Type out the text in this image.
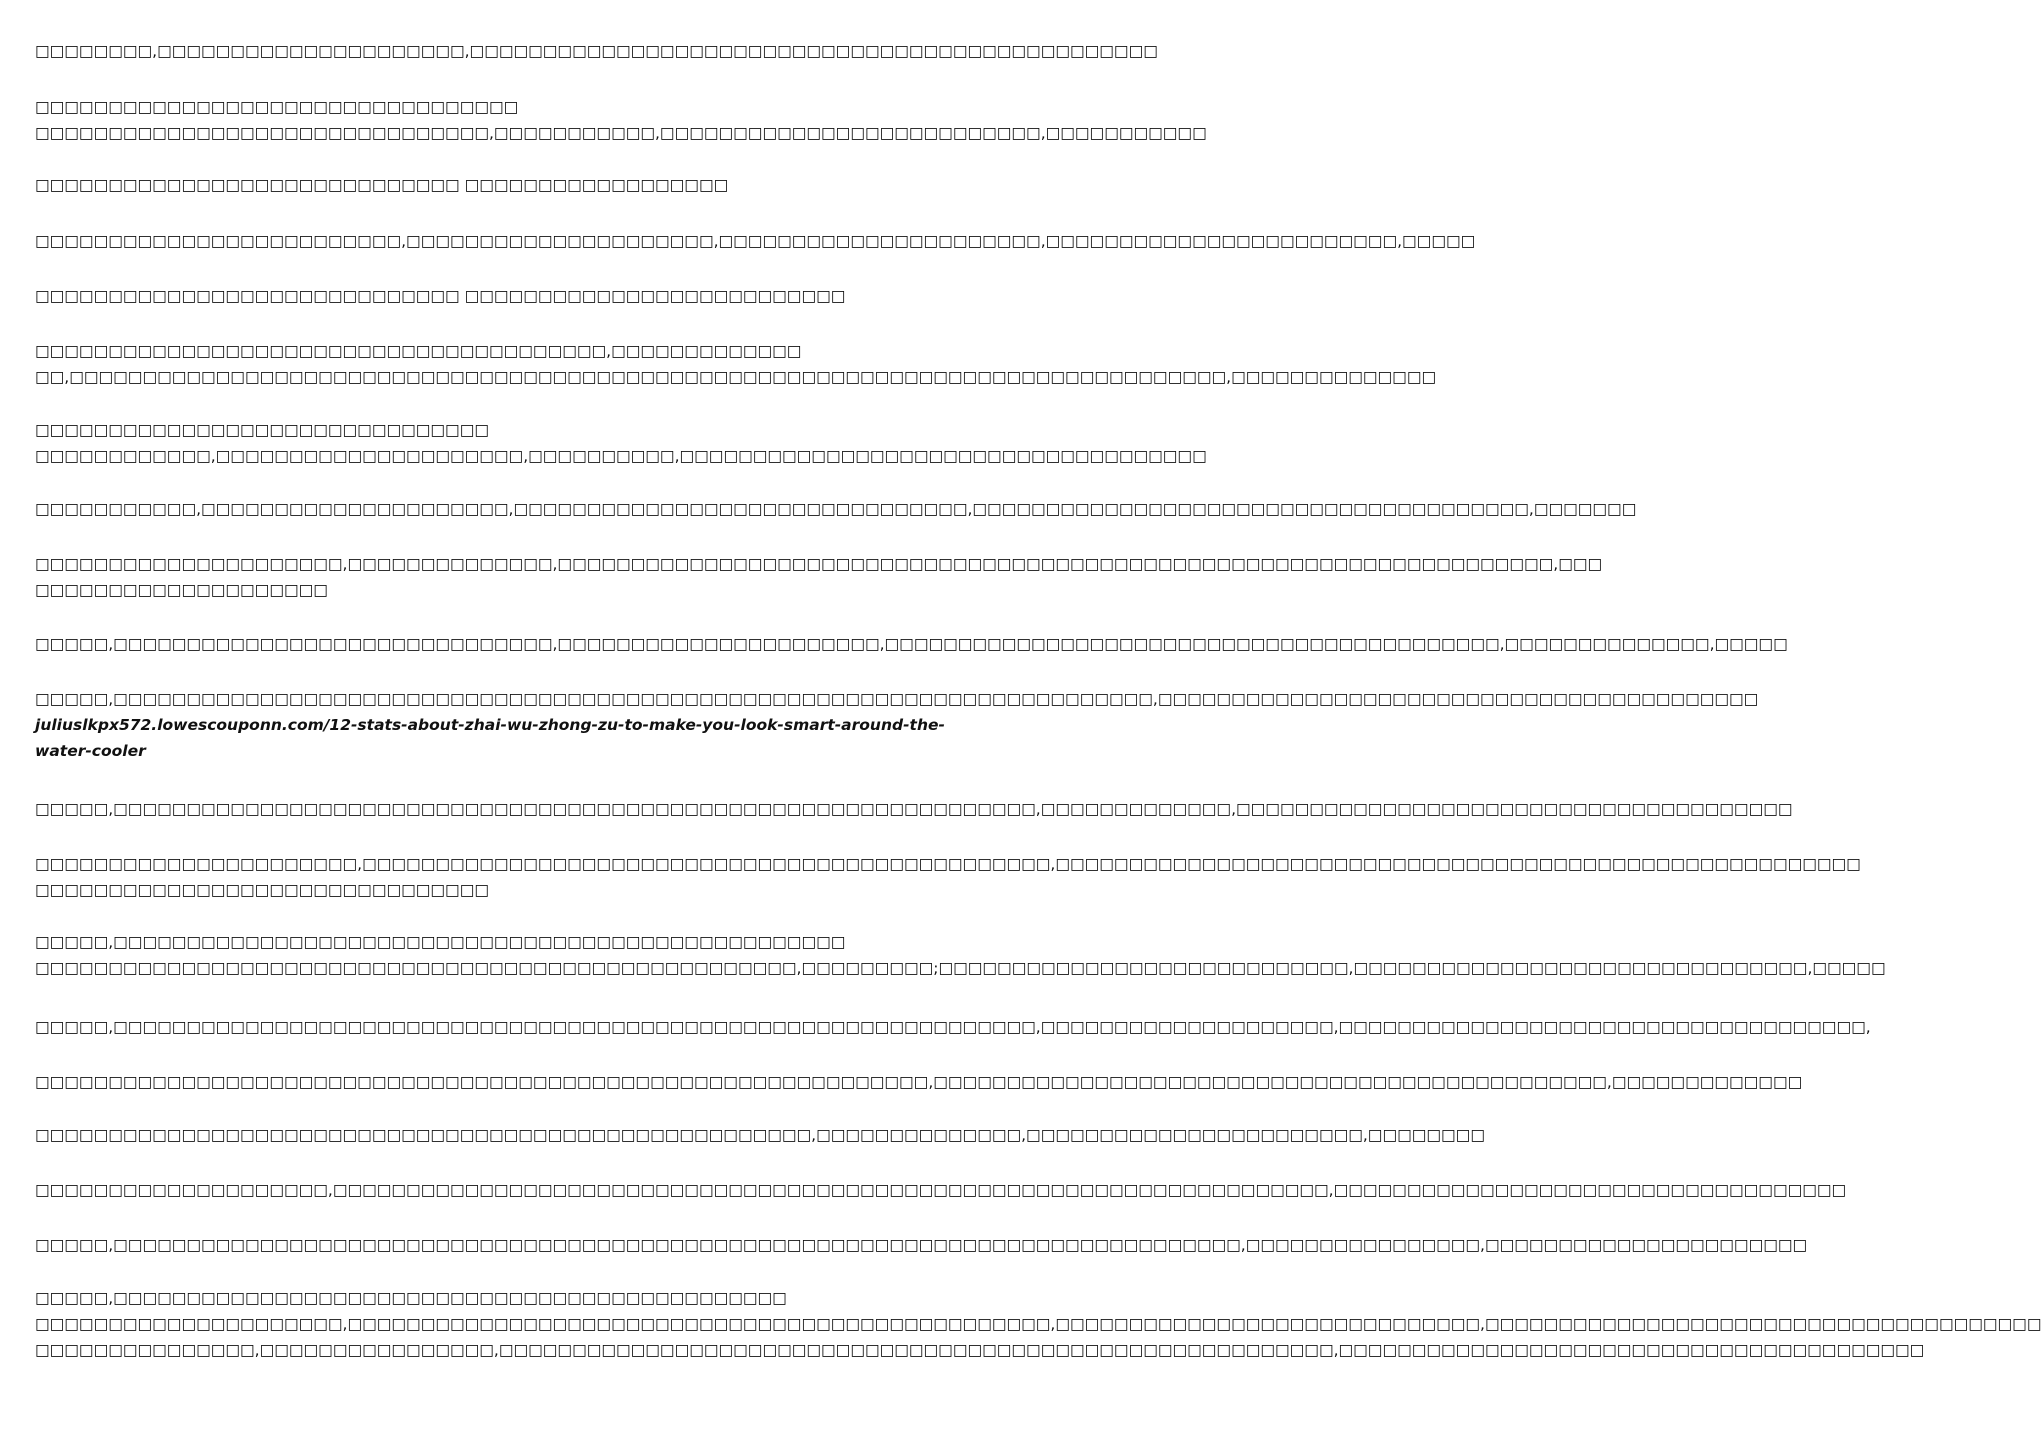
□□□□□□□□,□□□□□□□□□□□□□□□□□□□□□,□□□□□□□□□□□□□□□□□□□□□□□□□□□□□□□□□□□□□□□□□□□□□□□

□□□□□□□□□□□□□□□□□□□□□□□□□□□□□□□□□
□□□□□□□□□□□□□□□□□□□□□□□□□□□□□□□,□□□□□□□□□□□,□□□□□□□□□□□□□□□□□□□□□□□□□□,□□□□□□□□□□□

□□□□□□□□□□□□□□□□□□□□□□□□□□□□□ □□□□□□□□□□□□□□□□□□

□□□□□□□□□□□□□□□□□□□□□□□□□,□□□□□□□□□□□□□□□□□□□□□,□□□□□□□□□□□□□□□□□□□□□□,□□□□□□□□□□□□□□□□□□□□□□□□,□□□□□

□□□□□□□□□□□□□□□□□□□□□□□□□□□□□ □□□□□□□□□□□□□□□□□□□□□□□□□□

□□□□□□□□□□□□□□□□□□□□□□□□□□□□□□□□□□□□□□□,□□□□□□□□□□□□□
□□,□□□□□□□□□□□□□□□□□□□□□□□□□□□□□□□□□□□□□□□□□□□□□□□□□□□□□□□□□□□□□□□□□□□□□□□□□□□□□□□,□□□□□□□□□□□□□□

□□□□□□□□□□□□□□□□□□□□□□□□□□□□□□□
□□□□□□□□□□□□,□□□□□□□□□□□□□□□□□□□□□,□□□□□□□□□□,□□□□□□□□□□□□□□□□□□□□□□□□□□□□□□□□□□□□

□□□□□□□□□□□,□□□□□□□□□□□□□□□□□□□□□,□□□□□□□□□□□□□□□□□□□□□□□□□□□□□□□,□□□□□□□□□□□□□□□□□□□□□□□□□□□□□□□□□□□□□□,□□□□□□□

□□□□□□□□□□□□□□□□□□□□□,□□□□□□□□□□□□□□,□□□□□□□□□□□□□□□□□□□□□□□□□□□□□□□□□□□□□□□□□□□□□□□□□□□□□□□□□□□□□□□□□□□□,□□□
□□□□□□□□□□□□□□□□□□□□

□□□□□,□□□□□□□□□□□□□□□□□□□□□□□□□□□□□□,□□□□□□□□□□□□□□□□□□□□□□,□□□□□□□□□□□□□□□□□□□□□□□□□□□□□□□□□□□□□□□□□□,□□□□□□□□□□□□□□,□□□□□

□□□□□,□□□□□□□□□□□□□□□□□□□□□□□□□□□□□□□□□□□□□□□□□□□□□□□□□□□□□□□□□□□□□□□□□□□□□□□,□□□□□□□□□□□□□□□□□□□□□□□□□□□□□□□□□□□□□□□□□
juliuslkpx572.lowescouponn.com/12-stats-about-zhai-wu-zhong-zu-to-make-you-look-smart-around-the-water-cooler

□□□□□,□□□□□□□□□□□□□□□□□□□□□□□□□□□□□□□□□□□□□□□□□□□□□□□□□□□□□□□□□□□□□□□,□□□□□□□□□□□□□,□□□□□□□□□□□□□□□□□□□□□□□□□□□□□□□□□□□□□□

□□□□□□□□□□□□□□□□□□□□□□,□□□□□□□□□□□□□□□□□□□□□□□□□□□□□□□□□□□□□□□□□□□□□□□,□□□□□□□□□□□□□□□□□□□□□□□□□□□□□□□□□□□□□□□□□□□□□□□□□□□□□□□
□□□□□□□□□□□□□□□□□□□□□□□□□□□□□□□

□□□□□,□□□□□□□□□□□□□□□□□□□□□□□□□□□□□□□□□□□□□□□□□□□□□□□□□□
□□□□□□□□□□□□□□□□□□□□□□□□□□□□□□□□□□□□□□□□□□□□□□□□□□□□,□□□□□□□□□;□□□□□□□□□□□□□□□□□□□□□□□□□□□□,□□□□□□□□□□□□□□□□□□□□□□□□□□□□□□□,□□□□□

□□□□□,□□□□□□□□□□□□□□□□□□□□□□□□□□□□□□□□□□□□□□□□□□□□□□□□□□□□□□□□□□□□□□□,□□□□□□□□□□□□□□□□□□□□,□□□□□□□□□□□□□□□□□□□□□□□□□□□□□□□□□□□□,

□□□□□□□□□□□□□□□□□□□□□□□□□□□□□□□□□□□□□□□□□□□□□□□□□□□□□□□□□□□□□,□□□□□□□□□□□□□□□□□□□□□□□□□□□□□□□□□□□□□□□□□□□□□□,□□□□□□□□□□□□□

□□□□□□□□□□□□□□□□□□□□□□□□□□□□□□□□□□□□□□□□□□□□□□□□□□□□□,□□□□□□□□□□□□□□,□□□□□□□□□□□□□□□□□□□□□□□,□□□□□□□□

□□□□□□□□□□□□□□□□□□□□,□□□□□□□□□□□□□□□□□□□□□□□□□□□□□□□□□□□□□□□□□□□□□□□□□□□□□□□□□□□□□□□□□□□□,□□□□□□□□□□□□□□□□□□□□□□□□□□□□□□□□□□□

□□□□□,□□□□□□□□□□□□□□□□□□□□□□□□□□□□□□□□□□□□□□□□□□□□□□□□□□□□□□□□□□□□□□□□□□□□□□□□□□□□□,□□□□□□□□□□□□□□□□,□□□□□□□□□□□□□□□□□□□□□□

□□□□□,□□□□□□□□□□□□□□□□□□□□□□□□□□□□□□□□□□□□□□□□□□□□□□
□□□□□□□□□□□□□□□□□□□□□,□□□□□□□□□□□□□□□□□□□□□□□□□□□□□□□□□□□□□□□□□□□□□□□□,□□□□□□□□□□□□□□□□□□□□□□□□□□□□□,□□□□□□□□□□□□□□□□□□□□□□□□□□□□□□□□□□□□□□
□□□□□□□□□□□□□□□,□□□□□□□□□□□□□□□□,□□□□□□□□□□□□□□□□□□□□□□□□□□□□□□□□□□□□□□□□□□□□□□□□□□□□□□□□□,□□□□□□□□□□□□□□□□□□□□□□□□□□□□□□□□□□□□□□□□
